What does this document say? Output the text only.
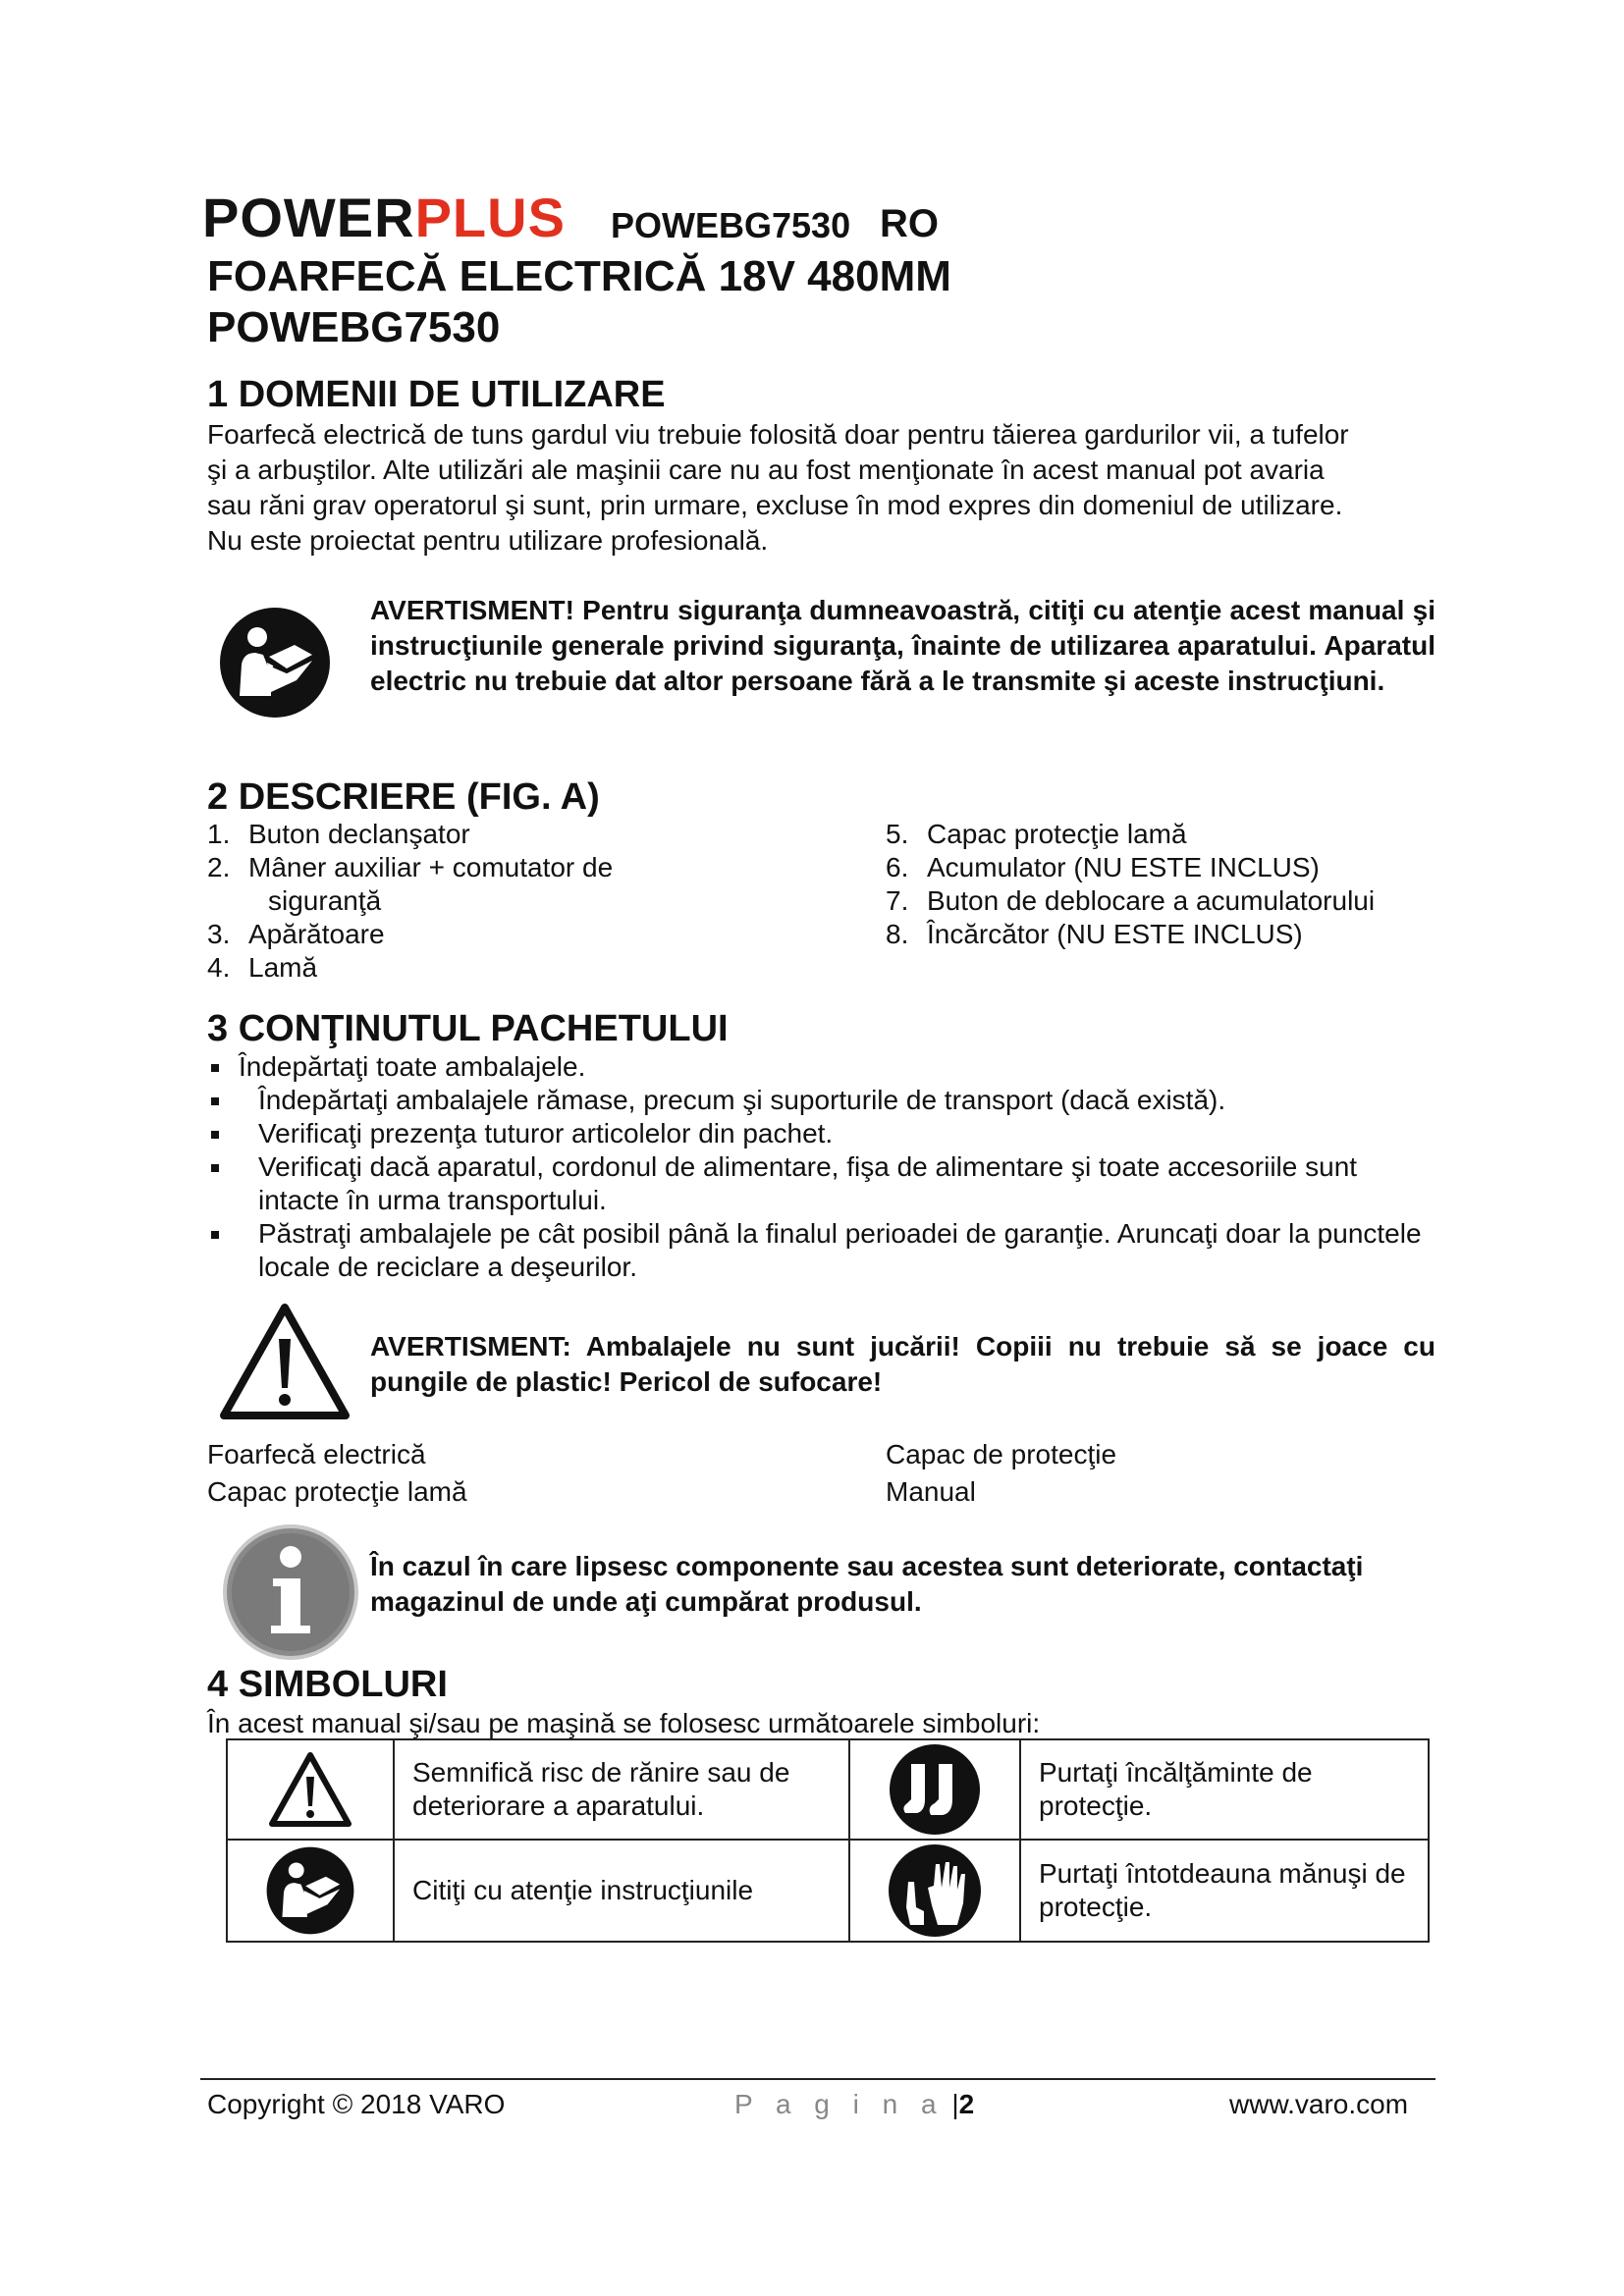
POWERPLUS POWEBG7530 RO
FOARFECĂ ELECTRICĂ 18V 480MM
POWEBG7530
1 DOMENII DE UTILIZARE
Foarfecă electrică de tuns gardul viu trebuie folosită doar pentru tăierea gardurilor vii, a tufelor
şi a arbuştilor. Alte utilizări ale maşinii care nu au fost menţionate în acest manual pot avaria
sau răni grav operatorul şi sunt, prin urmare, excluse în mod expres din domeniul de utilizare.
Nu este proiectat pentru utilizare profesională.

AVERTISMENT! Pentru siguranţa dumneavoastră, citiţi cu atenţie acest manual şi instrucţiunile generale privind siguranţa, înainte de utilizarea aparatului. Aparatul electric nu trebuie dat altor persoane fără a le transmite şi aceste instrucţiuni.

2 DESCRIERE (FIG. A)
1. Buton declanşator
2. Mâner auxiliar + comutator de
siguranţă
3. Apărătoare
4. Lamă
5. Capac protecţie lamă
6. Acumulator (NU ESTE INCLUS)
7. Buton de deblocare a acumulatorului
8. Încărcător (NU ESTE INCLUS)
3 CONŢINUTUL PACHETULUI
Îndepărtaţi toate ambalajele.
Îndepărtaţi ambalajele rămase, precum şi suporturile de transport (dacă există).
Verificaţi prezenţa tuturor articolelor din pachet.
Verificaţi dacă aparatul, cordonul de alimentare, fişa de alimentare şi toate accesoriile sunt intacte în urma transportului.
Păstraţi ambalajele pe cât posibil până la finalul perioadei de garanţie. Aruncaţi doar la punctele locale de reciclare a deşeurilor.

AVERTISMENT: Ambalajele nu sunt jucării! Copiii nu trebuie să se joace cu pungile de plastic! Pericol de sufocare!

Foarfecă electrică
Capac protecţie lamă
Capac de protecţie
Manual

În cazul în care lipsesc componente sau acestea sunt deteriorate, contactaţi magazinul de unde aţi cumpărat produsul.

4 SIMBOLURI
În acest manual şi/sau pe maşină se folosesc următoarele simboluri:
Semnifică risc de rănire sau de deteriorare a aparatului.
Purtaţi încălţăminte de protecţie.
Citiţi cu atenţie instrucţiunile
Purtaţi întotdeauna mănuşi de protecţie.
Copyright © 2018 VARO	P a g i n a |2	www.varo.com
